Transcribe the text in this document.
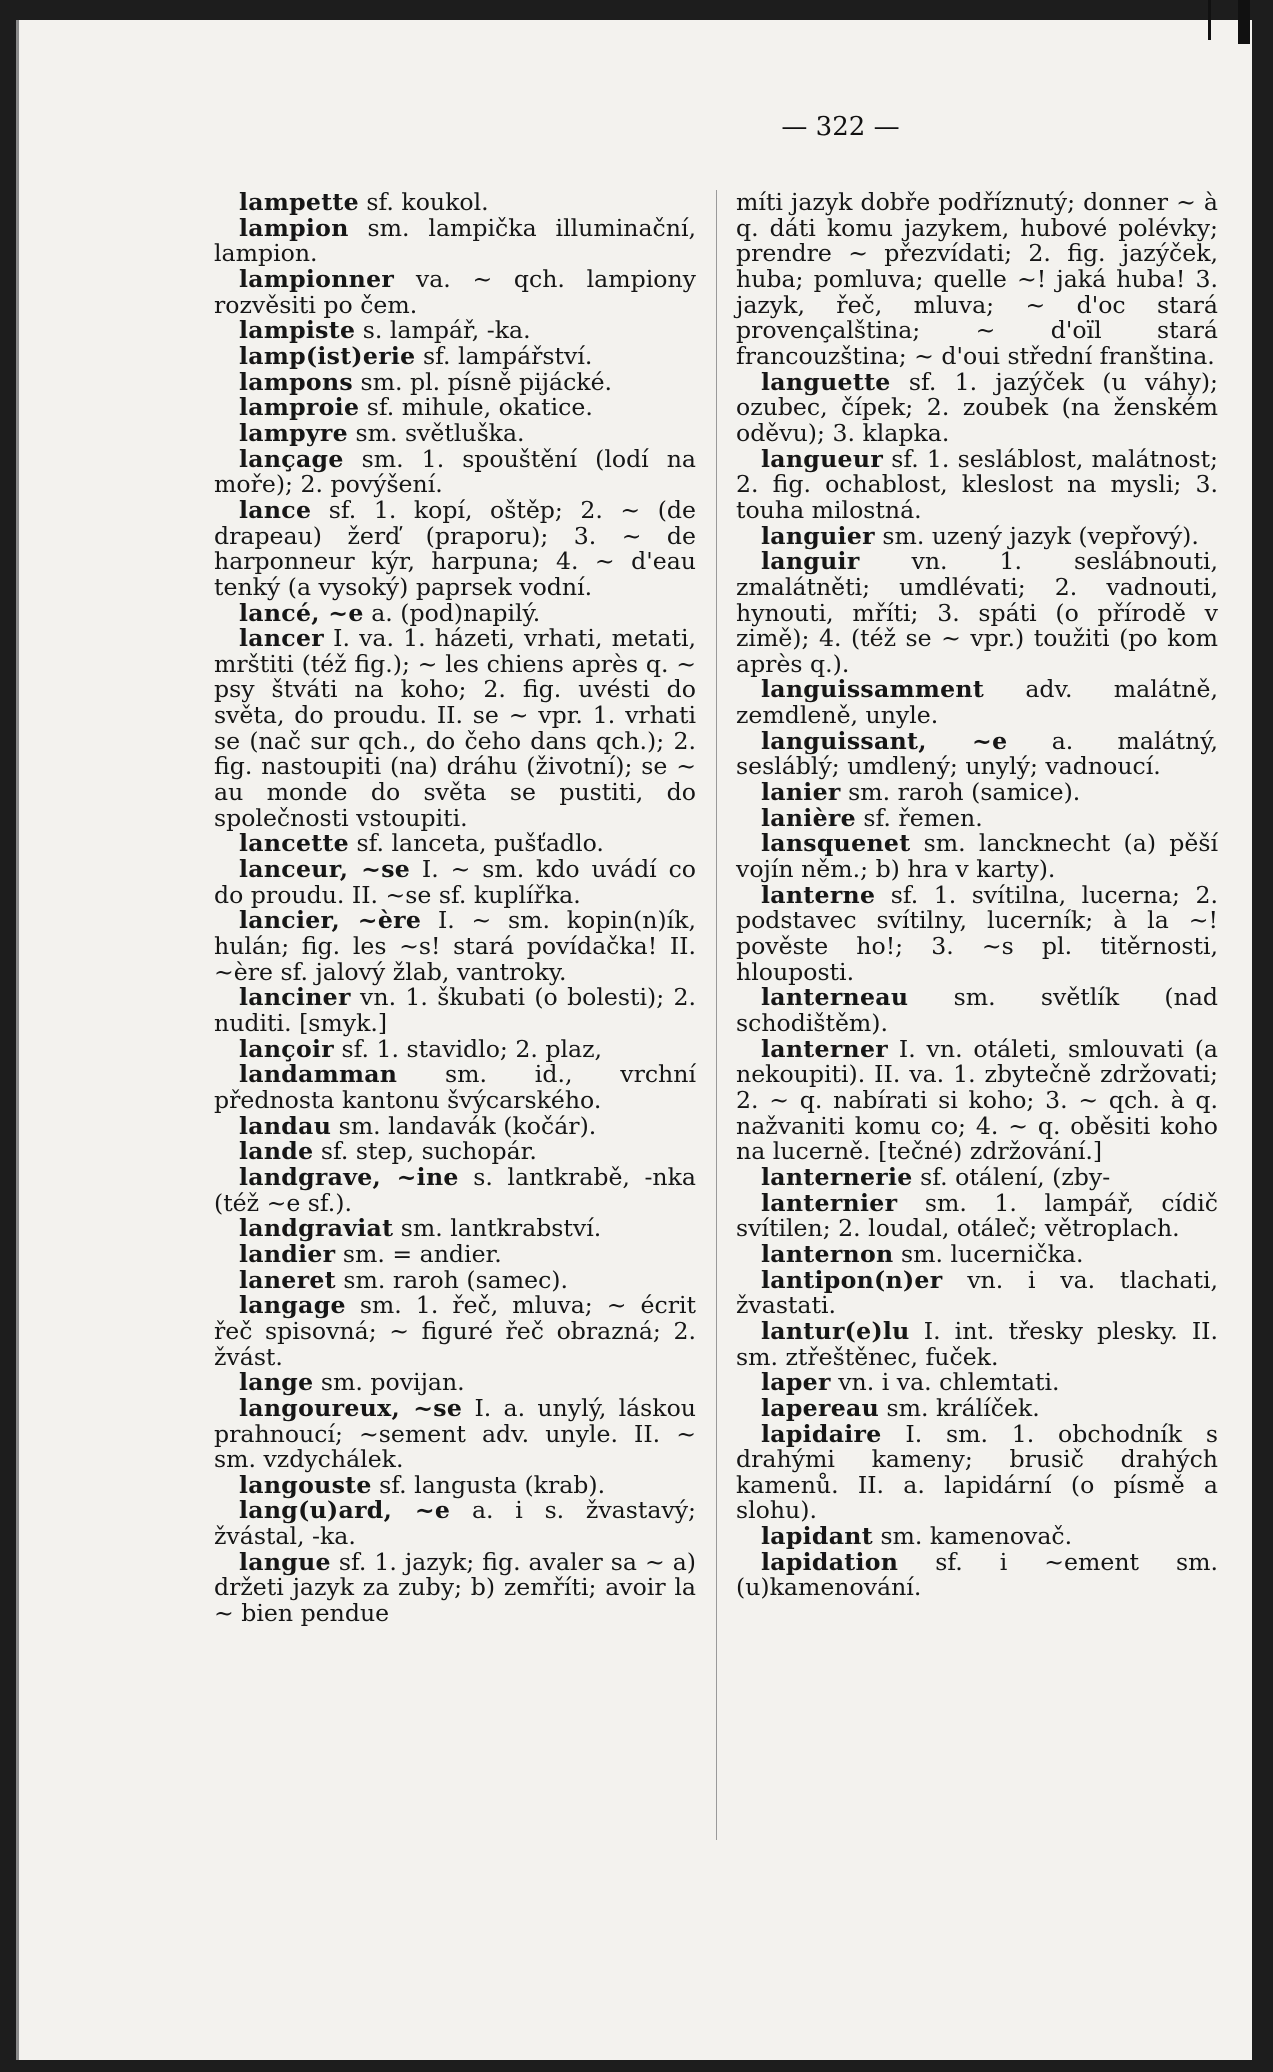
— 322 —

lampette sf. koukol.

lampion sm. lampička illuminační, lampion.

lampionner va. ~ qch. lampiony rozvěsiti po čem.

lampiste s. lampář, -ka.

lamp(ist)erie sf. lampářství.

lampons sm. pl. písně pijácké.

lamproie sf. mihule, okatice.

lampyre sm. světluška.

lançage sm. 1. spouštění (lodí na moře); 2. povýšení.

lance sf. 1. kopí, oštěp; 2. ~ (de drapeau) žerď (praporu); 3. ~ de harponneur kýr, harpuna; 4. ~ d'eau tenký (a vysoký) paprsek vodní.

lancé, ~e a. (pod)napilý.

lancer I. va. 1. házeti, vrhati, metati, mrštiti (též fig.); ~ les chiens après q. ~ psy štváti na koho; 2. fig. uvésti do světa, do proudu. II. se ~ vpr. 1. vrhati se (nač sur qch., do čeho dans qch.); 2. fig. nastoupiti (na) dráhu (životní); se ~ au monde do světa se pustiti, do společnosti vstoupiti.

lancette sf. lanceta, pušťadlo.

lanceur, ~se I. ~ sm. kdo uvádí co do proudu. II. ~se sf. kuplířka.

lancier, ~ère I. ~ sm. kopin(n)ík, hulán; fig. les ~s! stará povídačka! II. ~ère sf. jalový žlab, vantroky.

lanciner vn. 1. škubati (o bolesti); 2. nuditi. [smyk.]

lançoir sf. 1. stavidlo; 2. plaz,

landamman sm. id., vrchní přednosta kantonu švýcarského.

landau sm. landavák (kočár).

lande sf. step, suchopár.

landgrave, ~ine s. lantkrabě, -nka (též ~e sf.).

landgraviat sm. lantkrabství.

landier sm. = andier.

laneret sm. raroh (samec).

langage sm. 1. řeč, mluva; ~ écrit řeč spisovná; ~ figuré řeč obrazná; 2. žvást.

lange sm. povijan.

langoureux, ~se I. a. unylý, láskou prahnoucí; ~sement adv. unyle. II. ~ sm. vzdychálek.

langouste sf. langusta (krab).

lang(u)ard, ~e a. i s. žvastavý; žvástal, -ka.

langue sf. 1. jazyk; fig. avaler sa ~ a) držeti jazyk za zuby; b) zemříti; avoir la ~ bien pendue

míti jazyk dobře podříznutý; donner ~ à q. dáti komu jazykem, hubové polévky; prendre ~ přezvídati; 2. fig. jazýček, huba; pomluva; quelle ~! jaká huba! 3. jazyk, řeč, mluva; ~ d'oc stará provençalština; ~ d'oïl stará francouzština; ~ d'oui střední franština.

languette sf. 1. jazýček (u váhy); ozubec, čípek; 2. zoubek (na ženském oděvu); 3. klapka.

langueur sf. 1. sesláblost, malátnost; 2. fig. ochablost, kleslost na mysli; 3. touha milostná.

languier sm. uzený jazyk (vepřový).

languir vn. 1. seslábnouti, zmalátněti; umdlévati; 2. vadnouti, hynouti, mříti; 3. spáti (o přírodě v zimě); 4. (též se ~ vpr.) toužiti (po kom après q.).

languissamment adv. malátně, zemdleně, unyle.

languissant, ~e a. malátný, sesláblý; umdlený; unylý; vadnoucí.

lanier sm. raroh (samice).

lanière sf. řemen.

lansquenet sm. lancknecht (a) pěší vojín něm.; b) hra v karty).

lanterne sf. 1. svítilna, lucerna; 2. podstavec svítilny, lucerník; à la ~! pověste ho!; 3. ~s pl. titěrnosti, hlouposti.

lanterneau sm. světlík (nad schodištěm).

lanterner I. vn. otáleti, smlouvati (a nekoupiti). II. va. 1. zbytečně zdržovati; 2. ~ q. nabírati si koho; 3. ~ qch. à q. nažvaniti komu co; 4. ~ q. oběsiti koho na lucerně. [tečné) zdržování.]

lanternerie sf. otálení, (zby-

lanternier sm. 1. lampář, cídič svítilen; 2. loudal, otáleč; větroplach.

lanternon sm. lucernička.

lantipon(n)er vn. i va. tlachati, žvastati.

lantur(e)lu I. int. třesky plesky. II. sm. ztřeštěnec, fuček.

laper vn. i va. chlemtati.

lapereau sm. králíček.

lapidaire I. sm. 1. obchodník s drahými kameny; brusič drahých kamenů. II. a. lapidární (o písmě a slohu).

lapidant sm. kamenovač.

lapidation sf. i ~ement sm. (u)kamenování.
